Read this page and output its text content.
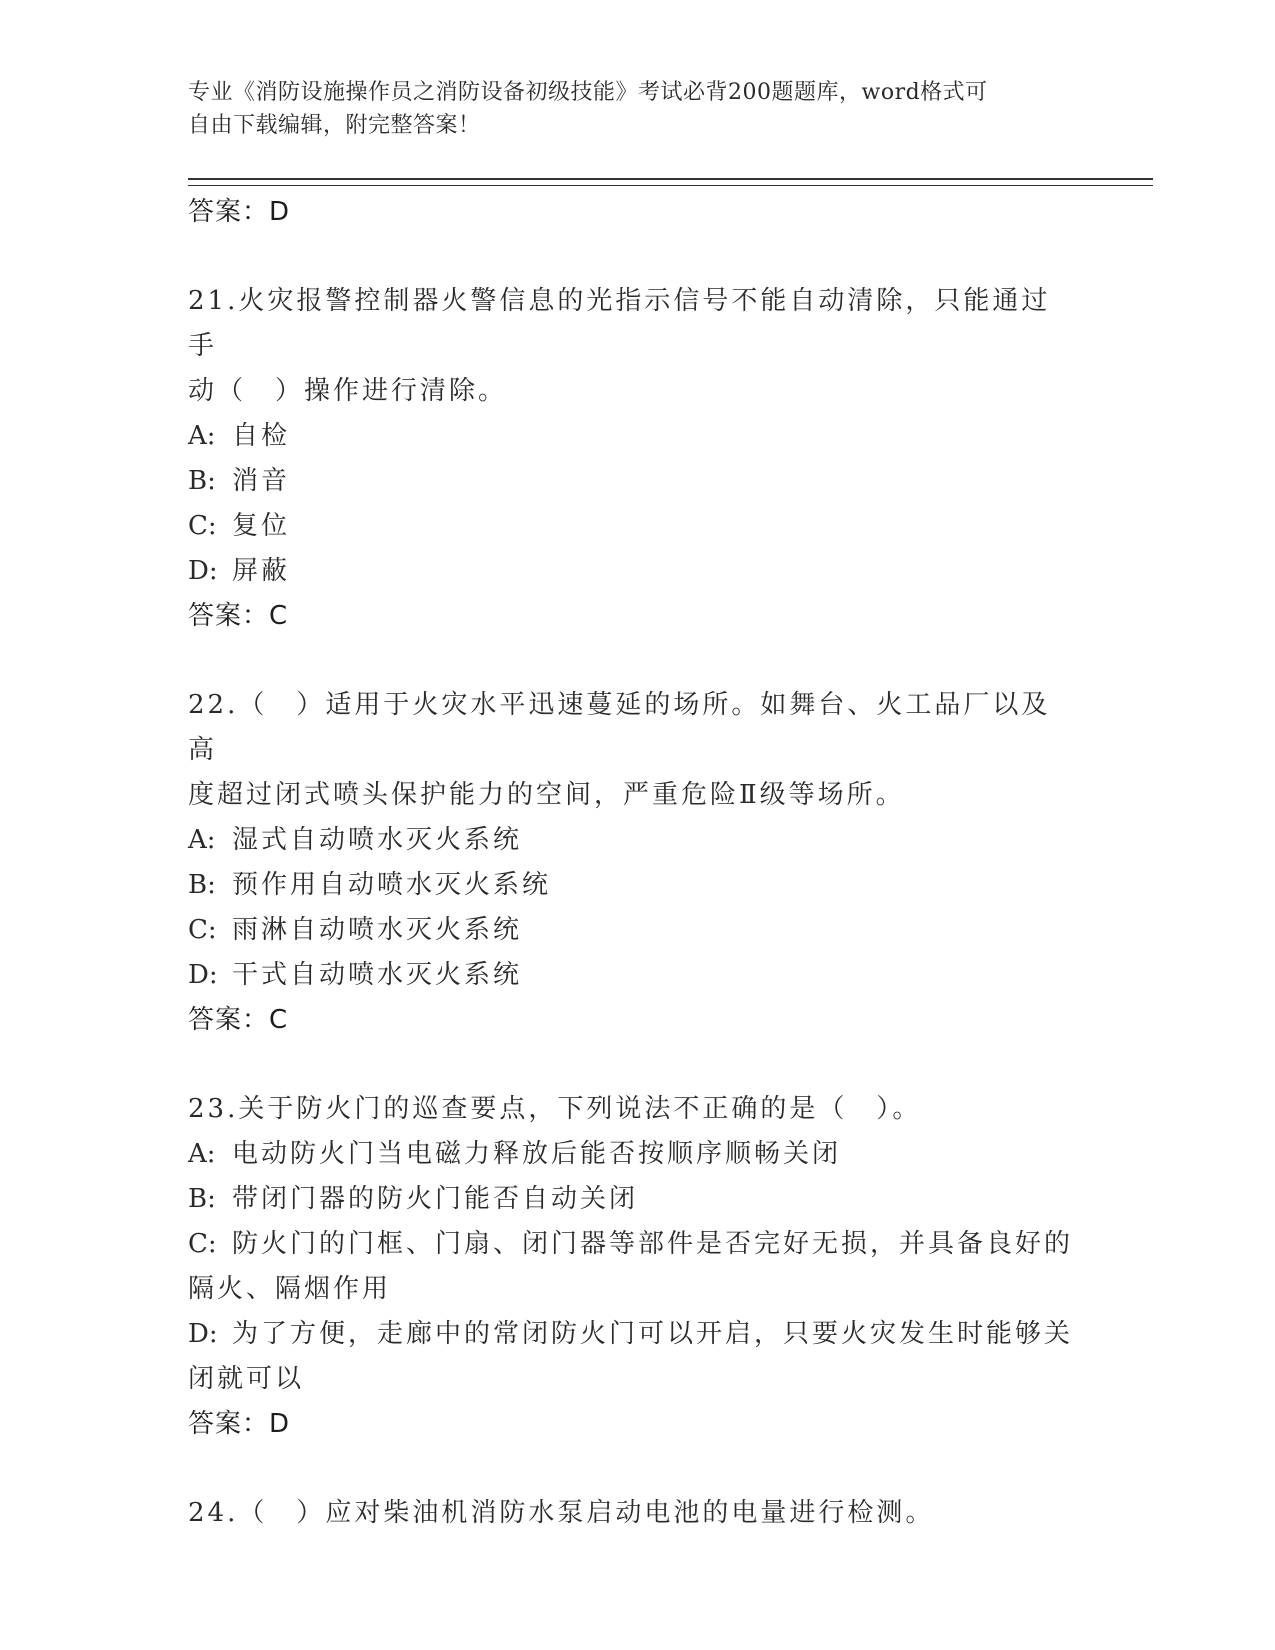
专业《消防设施操作员之消防设备初级技能》考试必背200题题库，word格式可
自由下载编辑，附完整答案！
答案：D
21.火灾报警控制器火警信息的光指示信号不能自动清除，只能通过手
动（　）操作进行清除。
A: 自检
B: 消音
C: 复位
D: 屏蔽
答案：C
22.（　）适用于火灾水平迅速蔓延的场所。如舞台、火工品厂以及高
度超过闭式喷头保护能力的空间，严重危险Ⅱ级等场所。
A: 湿式自动喷水灭火系统
B: 预作用自动喷水灭火系统
C: 雨淋自动喷水灭火系统
D: 干式自动喷水灭火系统
答案：C
23.关于防火门的巡查要点，下列说法不正确的是（　）。
A: 电动防火门当电磁力释放后能否按顺序顺畅关闭
B: 带闭门器的防火门能否自动关闭
C: 防火门的门框、门扇、闭门器等部件是否完好无损，并具备良好的
隔火、隔烟作用
D: 为了方便，走廊中的常闭防火门可以开启，只要火灾发生时能够关
闭就可以
答案：D
24.（　）应对柴油机消防水泵启动电池的电量进行检测。
